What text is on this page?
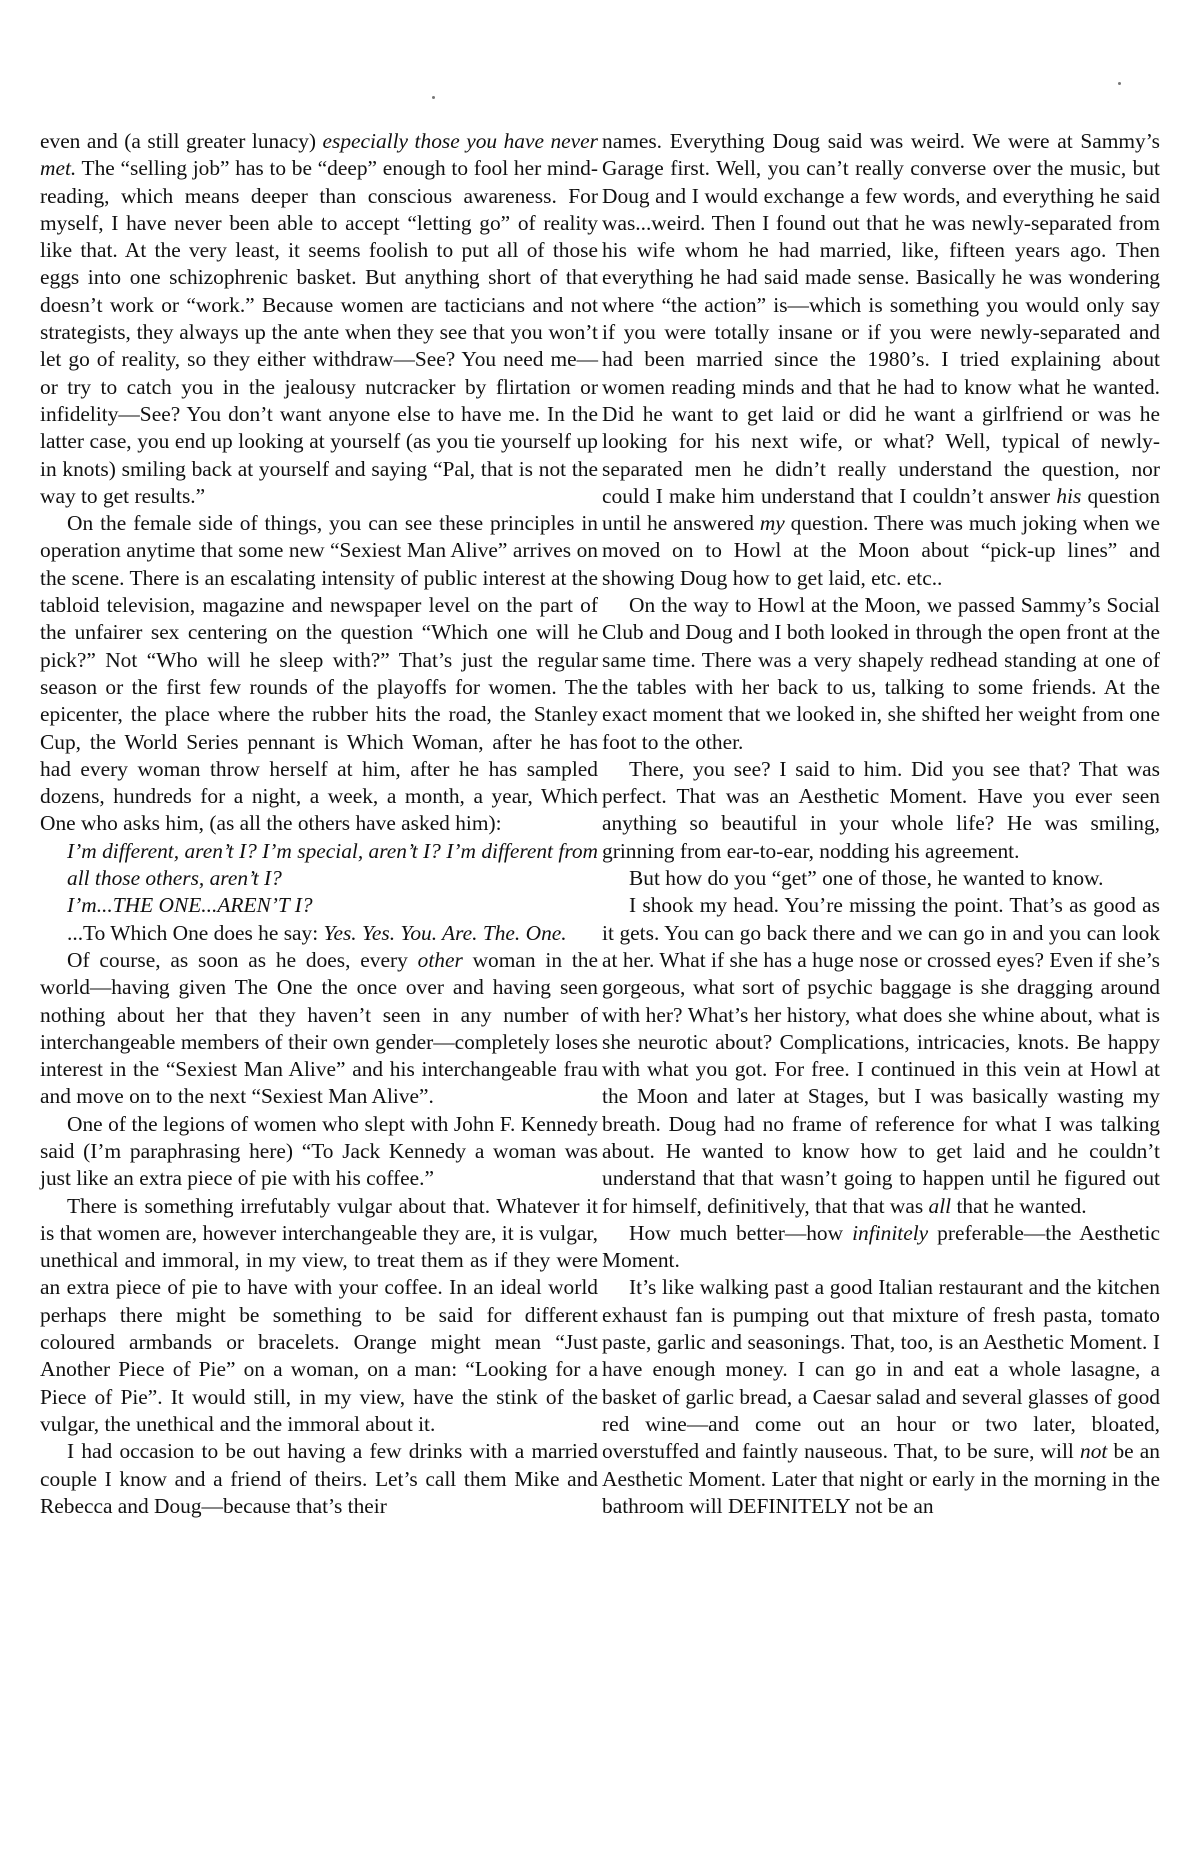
even and (a still greater lunacy) especially those you have never met. The “selling job” has to be “deep” enough to fool her mind-reading, which means deeper than conscious awareness. For myself, I have never been able to accept “letting go” of reality like that. At the very least, it seems foolish to put all of those eggs into one schizophrenic basket. But anything short of that doesn’t work or “work.” Because women are tacticians and not strategists, they always up the ante when they see that you won’t let go of reality, so they either withdraw—See? You need me—or try to catch you in the jealousy nutcracker by flirtation or infidelity—See? You don’t want anyone else to have me. In the latter case, you end up looking at yourself (as you tie yourself up in knots) smiling back at yourself and saying “Pal, that is not the way to get results.”

On the female side of things, you can see these principles in operation anytime that some new “Sexiest Man Alive” arrives on the scene. There is an escalating intensity of public interest at the tabloid television, magazine and newspaper level on the part of the unfairer sex centering on the question “Which one will he pick?” Not “Who will he sleep with?” That’s just the regular season or the first few rounds of the playoffs for women. The epicenter, the place where the rubber hits the road, the Stanley Cup, the World Series pennant is Which Woman, after he has had every woman throw herself at him, after he has sampled dozens, hundreds for a night, a week, a month, a year, Which One who asks him, (as all the others have asked him):

I’m different, aren’t I? I’m special, aren’t I? I’m different from all those others, aren’t I?

I’m...THE ONE...AREN’T I?

...To Which One does he say: Yes. Yes. You. Are. The. One.

Of course, as soon as he does, every other woman in the world—having given The One the once over and having seen nothing about her that they haven’t seen in any number of interchangeable members of their own gender—completely loses interest in the “Sexiest Man Alive” and his interchangeable frau and move on to the next “Sexiest Man Alive”.

One of the legions of women who slept with John F. Kennedy said (I’m paraphrasing here) “To Jack Kennedy a woman was just like an extra piece of pie with his coffee.”

There is something irrefutably vulgar about that. Whatever it is that women are, however interchangeable they are, it is vulgar, unethical and immoral, in my view, to treat them as if they were an extra piece of pie to have with your coffee. In an ideal world perhaps there might be something to be said for different coloured armbands or bracelets. Orange might mean “Just Another Piece of Pie” on a woman, on a man: “Looking for a Piece of Pie”. It would still, in my view, have the stink of the vulgar, the unethical and the immoral about it.

I had occasion to be out having a few drinks with a married couple I know and a friend of theirs. Let’s call them Mike and Rebecca and Doug—because that’s their

names. Everything Doug said was weird. We were at Sammy’s Garage first. Well, you can’t really converse over the music, but Doug and I would exchange a few words, and everything he said was...weird. Then I found out that he was newly-separated from his wife whom he had married, like, fifteen years ago. Then everything he had said made sense. Basically he was wondering where “the action” is—which is something you would only say if you were totally insane or if you were newly-separated and had been married since the 1980’s. I tried explaining about women reading minds and that he had to know what he wanted. Did he want to get laid or did he want a girlfriend or was he looking for his next wife, or what? Well, typical of newly-separated men he didn’t really understand the question, nor could I make him understand that I couldn’t answer his question until he answered my question. There was much joking when we moved on to Howl at the Moon about “pick-up lines” and showing Doug how to get laid, etc. etc..

On the way to Howl at the Moon, we passed Sammy’s Social Club and Doug and I both looked in through the open front at the same time. There was a very shapely redhead standing at one of the tables with her back to us, talking to some friends. At the exact moment that we looked in, she shifted her weight from one foot to the other.

There, you see? I said to him. Did you see that? That was perfect. That was an Aesthetic Moment. Have you ever seen anything so beautiful in your whole life? He was smiling, grinning from ear-to-ear, nodding his agreement.

But how do you “get” one of those, he wanted to know.

I shook my head. You’re missing the point. That’s as good as it gets. You can go back there and we can go in and you can look at her. What if she has a huge nose or crossed eyes? Even if she’s gorgeous, what sort of psychic baggage is she dragging around with her? What’s her history, what does she whine about, what is she neurotic about? Complications, intricacies, knots. Be happy with what you got. For free. I continued in this vein at Howl at the Moon and later at Stages, but I was basically wasting my breath. Doug had no frame of reference for what I was talking about. He wanted to know how to get laid and he couldn’t understand that that wasn’t going to happen until he figured out for himself, definitively, that that was all that he wanted.

How much better—how infinitely preferable—the Aesthetic Moment.

It’s like walking past a good Italian restaurant and the kitchen exhaust fan is pumping out that mixture of fresh pasta, tomato paste, garlic and seasonings. That, too, is an Aesthetic Moment. I have enough money. I can go in and eat a whole lasagne, a basket of garlic bread, a Caesar salad and several glasses of good red wine—and come out an hour or two later, bloated, overstuffed and faintly nauseous. That, to be sure, will not be an Aesthetic Moment. Later that night or early in the morning in the bathroom will DEFINITELY not be an
